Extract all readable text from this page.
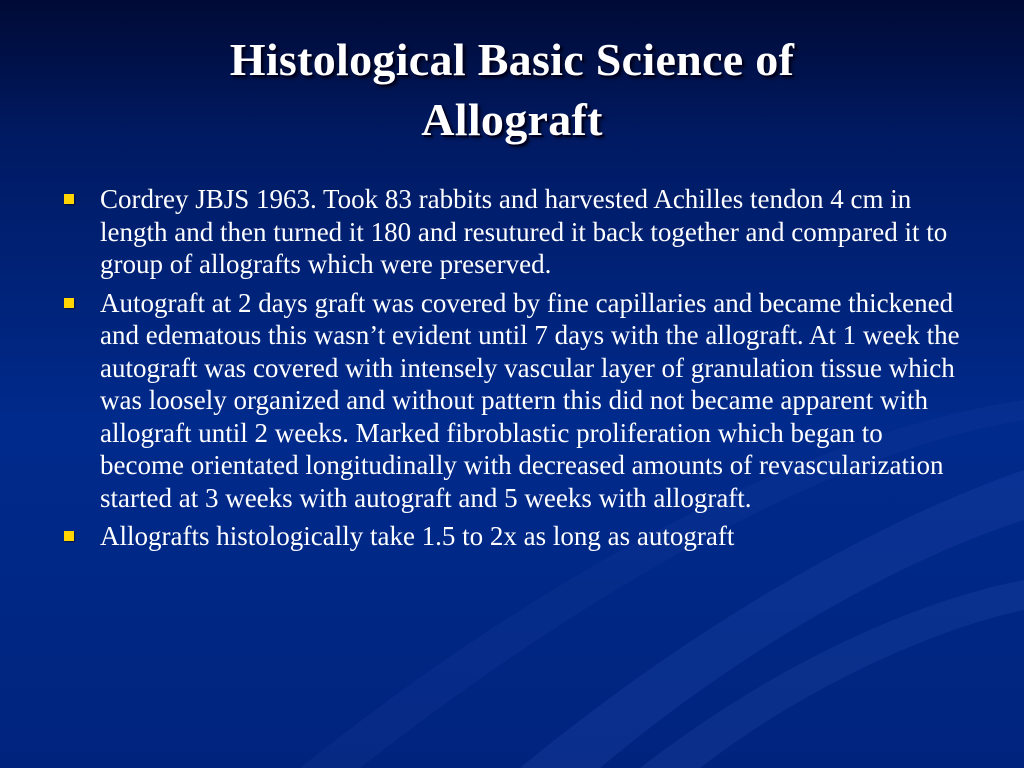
Histological Basic Science of
Allograft
Cordrey JBJS 1963. Took 83 rabbits and harvested Achilles tendon 4 cm in length and then turned it 180 and resutured it back together and compared it to group of allografts which were preserved.
Autograft at 2 days graft was covered by fine capillaries and became thickened and edematous this wasn’t evident until 7 days with the allograft. At 1 week the autograft was covered with intensely vascular layer of granulation tissue which was loosely organized and without pattern this did not became apparent with allograft until 2 weeks. Marked fibroblastic proliferation which began to become orientated longitudinally with decreased amounts of revascularization started at 3 weeks with autograft and 5 weeks with allograft.
Allografts histologically take 1.5 to 2x as long as autograft
